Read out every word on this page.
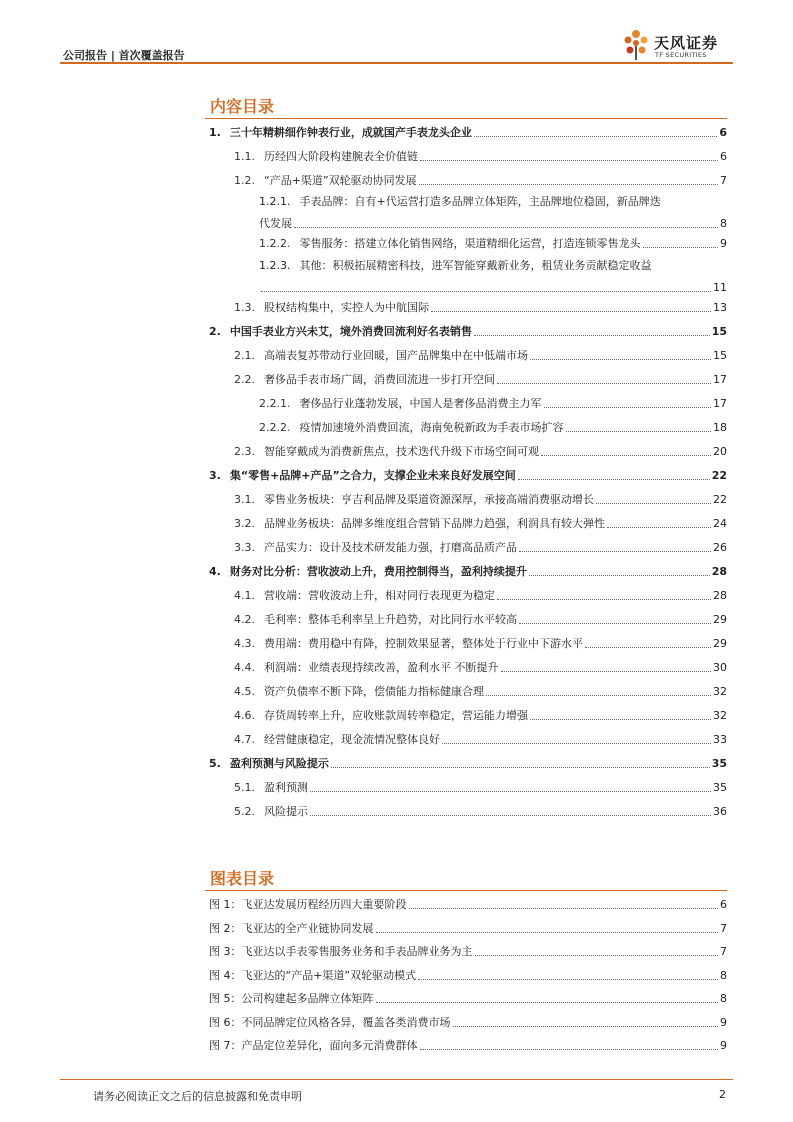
公司报告 | 首次覆盖报告
天风证券
TF SECURITIES
内容目录
1. 三十年精耕细作钟表行业，成就国产手表龙头企业	6
1.1. 历经四大阶段构建腕表全价值链	6
1.2. “产品+渠道”双轮驱动协同发展	7
1.2.1. 手表品牌：自有+代运营打造多品牌立体矩阵，主品牌地位稳固，新品牌迭
代发展	8
1.2.2. 零售服务：搭建立体化销售网络，渠道精细化运营，打造连锁零售龙头	9
1.2.3. 其他：积极拓展精密科技，进军智能穿戴新业务，租赁业务贡献稳定收益
11
1.3. 股权结构集中，实控人为中航国际	13
2. 中国手表业方兴未艾，境外消费回流利好名表销售	15
2.1. 高端表复苏带动行业回暖，国产品牌集中在中低端市场	15
2.2. 奢侈品手表市场广阔，消费回流进一步打开空间	17
2.2.1. 奢侈品行业蓬勃发展，中国人是奢侈品消费主力军	17
2.2.2. 疫情加速境外消费回流，海南免税新政为手表市场扩容	18
2.3. 智能穿戴成为消费新焦点，技术迭代升级下市场空间可观	20
3. 集“零售+品牌+产品”之合力，支撑企业未来良好发展空间	22
3.1. 零售业务板块：亨吉利品牌及渠道资源深厚，承接高端消费驱动增长	22
3.2. 品牌业务板块：品牌多维度组合营销下品牌力趋强，利润具有较大弹性	24
3.3. 产品实力：设计及技术研发能力强，打磨高品质产品	26
4. 财务对比分析：营收波动上升，费用控制得当，盈利持续提升	28
4.1. 营收端：营收波动上升，相对同行表现更为稳定	28
4.2. 毛利率：整体毛利率呈上升趋势，对比同行水平较高	29
4.3. 费用端：费用稳中有降，控制效果显著，整体处于行业中下游水平	29
4.4. 利润端：业绩表现持续改善，盈利水平 不断提升	30
4.5. 资产负债率不断下降，偿债能力指标健康合理	32
4.6. 存货周转率上升，应收账款周转率稳定，营运能力增强	32
4.7. 经营健康稳定，现金流情况整体良好	33
5. 盈利预测与风险提示	35
5.1. 盈利预测	35
5.2. 风险提示	36
图表目录
图 1： 飞亚达发展历程经历四大重要阶段	6
图 2： 飞亚达的全产业链协同发展	7
图 3： 飞亚达以手表零售服务业务和手表品牌业务为主	7
图 4： 飞亚达的“产品+渠道”双轮驱动模式	8
图 5： 公司构建起多品牌立体矩阵	8
图 6： 不同品牌定位风格各异，覆盖各类消费市场	9
图 7： 产品定位差异化，面向多元消费群体	9
请务必阅读正文之后的信息披露和免责申明	2
